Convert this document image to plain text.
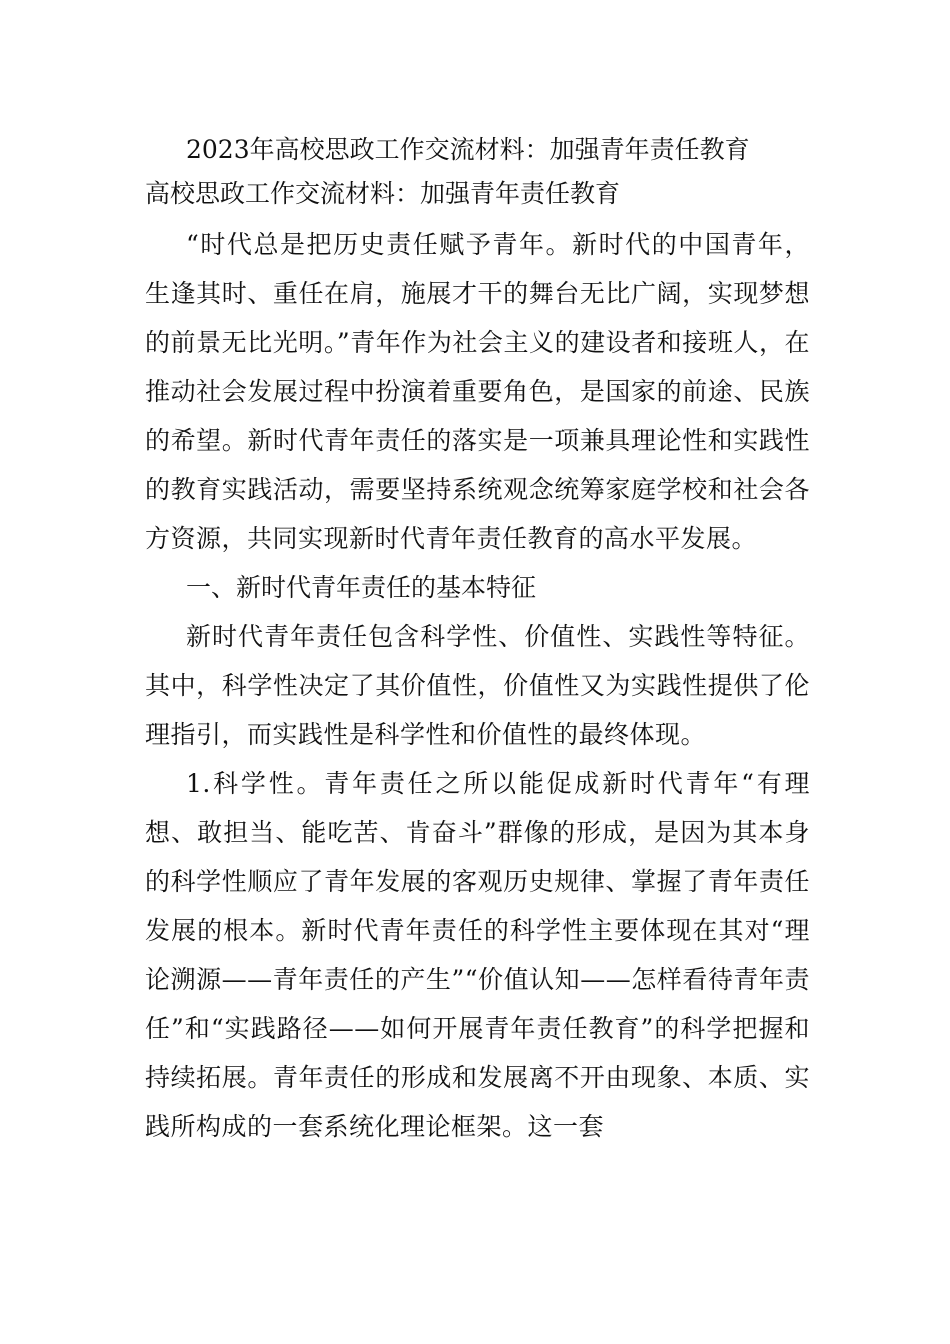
2023年高校思政工作交流材料：加强青年责任教育
高校思政工作交流材料：加强青年责任教育

“时代总是把历史责任赋予青年。新时代的中国青年，生逢其时、重任在肩，施展才干的舞台无比广阔，实现梦想的前景无比光明。”青年作为社会主义的建设者和接班人，在推动社会发展过程中扮演着重要角色，是国家的前途、民族的希望。新时代青年责任的落实是一项兼具理论性和实践性的教育实践活动，需要坚持系统观念统筹家庭学校和社会各方资源，共同实现新时代青年责任教育的高水平发展。

一、新时代青年责任的基本特征

新时代青年责任包含科学性、价值性、实践性等特征。其中，科学性决定了其价值性，价值性又为实践性提供了伦理指引，而实践性是科学性和价值性的最终体现。

1.科学性。青年责任之所以能促成新时代青年“有理想、敢担当、能吃苦、肯奋斗”群像的形成，是因为其本身的科学性顺应了青年发展的客观历史规律、掌握了青年责任发展的根本。新时代青年责任的科学性主要体现在其对“理论溯源——青年责任的产生”“价值认知——怎样看待青年责任”和“实践路径——如何开展青年责任教育”的科学把握和持续拓展。青年责任的形成和发展离不开由现象、本质、实践所构成的一套系统化理论框架。这一套
